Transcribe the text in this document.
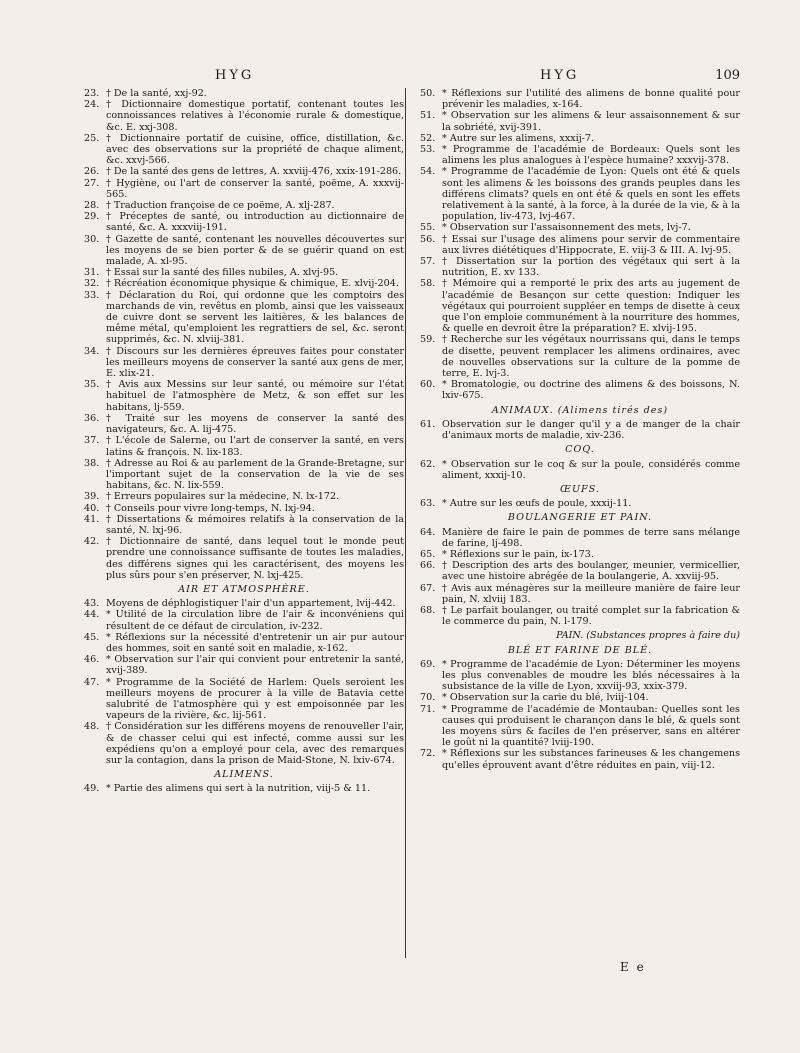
HYG	HYG	109

23. † De la santé, xxj-92.

24. † Dictionnaire domestique portatif, contenant toutes les connoissances relatives à l'économie rurale & domestique, &c. E. xxj-308.

25. † Dictionnaire portatif de cuisine, office, distillation, &c. avec des observations sur la propriété de chaque aliment, &c. xxvj-566.

26. † De la santé des gens de lettres, A. xxviij-476, xxix-191-286.

27. † Hygiène, ou l'art de conserver la santé, poëme, A. xxxvij-565.

28. † Traduction françoise de ce poëme, A. xlj-287.

29. † Préceptes de santé, ou introduction au dictionnaire de santé, &c. A. xxxviij-191.

30. † Gazette de santé, contenant les nouvelles découvertes sur les moyens de se bien porter & de se guérir quand on est malade, A. xl-95.

31. † Essai sur la santé des filles nubiles, A. xlvj-95.

32. † Récréation économique physique & chimique, E. xlvij-204.

33. † Déclaration du Roi, qui ordonne que les comptoirs des marchands de vin, revêtus en plomb, ainsi que les vaisseaux de cuivre dont se servent les laitières, & les balances de même métal, qu'emploient les regrattiers de sel, &c. seront supprimés, &c. N. xlviij-381.

34. † Discours sur les dernières épreuves faites pour constater les meilleurs moyens de conserver la santé aux gens de mer, E. xlix-21.

35. † Avis aux Messins sur leur santé, ou mémoire sur l'état habituel de l'atmosphère de Metz, & son effet sur les habitans, lj-559.

36. † Traité sur les moyens de conserver la santé des navigateurs, &c. A. lij-475.

37. † L'école de Salerne, ou l'art de conserver la santé, en vers latins & françois. N. lix-183.

38. † Adresse au Roi & au parlement de la Grande-Bretagne, sur l'important sujet de la conservation de la vie de ses habitans, &c. N. lix-559.

39. † Erreurs populaires sur la médecine, N. lx-172.

40. † Conseils pour vivre long-temps, N. lxj-94.

41. † Dissertations & mémoires relatifs à la conservation de la santé, N. lxj-96.

42. † Dictionnaire de santé, dans lequel tout le monde peut prendre une connoissance suffisante de toutes les maladies, des différens signes qui les caractérisent, des moyens les plus sûrs pour s'en préserver, N. lxj-425.

AIR ET ATMOSPHÈRE.

43. Moyens de déphlogistiquer l'air d'un appartement, lvij-442.

44. * Utilité de la circulation libre de l'air & inconvéniens qui résultent de ce défaut de circulation, iv-232.

45. * Réflexions sur la nécessité d'entretenir un air pur autour des hommes, soit en santé soit en maladie, x-162.

46. * Observation sur l'air qui convient pour entretenir la santé, xvij-389.

47. * Programme de la Société de Harlem: Quels seroient les meilleurs moyens de procurer à la ville de Batavia cette salubrité de l'atmosphère qui y est empoisonnée par les vapeurs de la rivière, &c. lij-561.

48. † Considération sur les différens moyens de renouveller l'air, & de chasser celui qui est infecté, comme aussi sur les expédiens qu'on a employé pour cela, avec des remarques sur la contagion, dans la prison de Maid-Stone, N. lxiv-674.

ALIMENS.

49. * Partie des alimens qui sert à la nutrition, viij-5 & 11.

50. * Réflexions sur l'utilité des alimens de bonne qualité pour prévenir les maladies, x-164.

51. * Observation sur les alimens & leur assaisonnement & sur la sobriété, xvij-391.

52. * Autre sur les alimens, xxxij-7.

53. * Programme de l'académie de Bordeaux: Quels sont les alimens les plus analogues à l'espèce humaine? xxxvij-378.

54. * Programme de l'académie de Lyon: Quels ont été & quels sont les alimens & les boissons des grands peuples dans les différens climats? quels en ont été & quels en sont les effets relativement à la santé, à la force, à la durée de la vie, & à la population, liv-473, lvj-467.

55. * Observation sur l'assaisonnement des mets, lvj-7.

56. † Essai sur l'usage des alimens pour servir de commentaire aux livres diététiques d'Hippocrate, E. viij-3 & III. A. lvj-95.

57. † Dissertation sur la portion des végétaux qui sert à la nutrition, E. xv 133.

58. † Mémoire qui a remporté le prix des arts au jugement de l'académie de Besançon sur cette question: Indiquer les végétaux qui pourroient suppléer en temps de disette à ceux que l'on emploie communément à la nourriture des hommes, & quelle en devroit être la préparation? E. xlvij-195.

59. † Recherche sur les végétaux nourrissans qui, dans le temps de disette, peuvent remplacer les alimens ordinaires, avec de nouvelles observations sur la culture de la pomme de terre, E. lvj-3.

60. * Bromatologie, ou doctrine des alimens & des boissons, N. lxiv-675.

ANIMAUX. (Alimens tirés des)

61. Observation sur le danger qu'il y a de manger de la chair d'animaux morts de maladie, xiv-236.

COQ.

62. * Observation sur le coq & sur la poule, considérés comme aliment, xxxij-10.

ŒUFS.

63. * Autre sur les œufs de poule, xxxij-11.

BOULANGERIE ET PAIN.

64. Manière de faire le pain de pommes de terre sans mélange de farine, lj-498.

65. * Réflexions sur le pain, ix-173.

66. † Description des arts des boulanger, meunier, vermicellier, avec une histoire abrégée de la boulangerie, A. xxviij-95.

67. † Avis aux ménagères sur la meilleure manière de faire leur pain, N. xlviij 183.

68. † Le parfait boulanger, ou traité complet sur la fabrication & le commerce du pain, N. l-179.

PAIN. (Substances propres à faire du)
BLÉ ET FARINE DE BLÉ.

69. * Programme de l'académie de Lyon: Déterminer les moyens les plus convenables de moudre les blés nécessaires à la subsistance de la ville de Lyon, xxviij-93, xxix-379.

70. * Observation sur la carie du blé, lviij-104.

71. * Programme de l'académie de Montauban: Quelles sont les causes qui produisent le charançon dans le blé, & quels sont les moyens sûrs & faciles de l'en préserver, sans en altérer le goût ni la quantité? lviij-190.

72. * Réflexions sur les substances farineuses & les changemens qu'elles éprouvent avant d'être réduites en pain, viij-12.

E e
